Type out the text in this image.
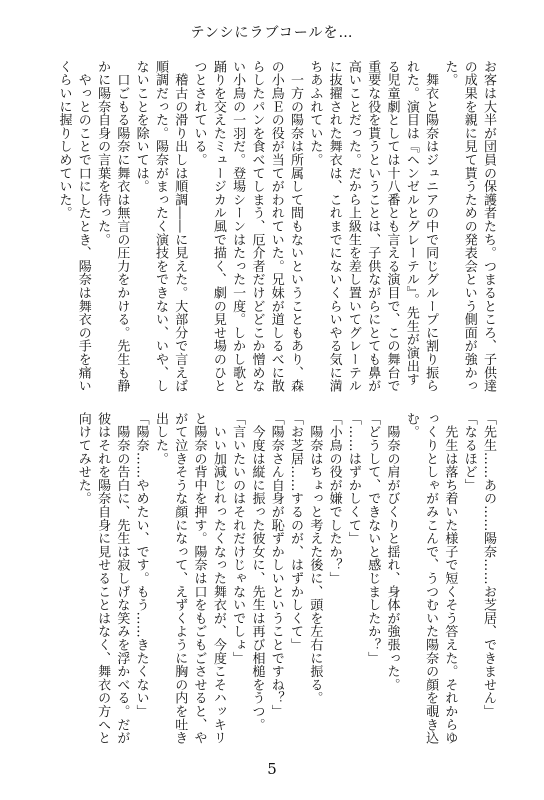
テンシにラブコールを…

お客は大半が団員の保護者たち。つまるところ、子供達の成果を親に見て貰うための発表会という側面が強かった。
　舞衣と陽奈はジュニアの中で同じグループに割り振られた。演目は『ヘンゼルとグレーテル』。先生が演出する児童劇としては十八番とも言える演目で、この舞台で重要な役を貰うということは、子供ながらにとても鼻が高いことだった。だから上級生を差し置いてグレーテルに抜擢された舞衣は、これまでにないくらいやる気に満ちあふれていた。
　一方の陽奈は所属して間もないということもあり、森の小鳥Ｅの役が当てがわれていた。兄妹が道しるべに散らしたパンを食べてしまう、厄介者だけどどこか憎めない小鳥の一羽だ。登場シーンはたった一度。しかし歌と踊りを交えたミュージカル風で描く、劇の見せ場のひとつとされている。
　稽古の滑り出しは順調――に見えた。大部分で言えば順調だった。陽奈がまったく演技をできない、いや、しないことを除いては。
　口ごもる陽奈に舞衣は無言の圧力をかける。先生も静かに陽奈自身の言葉を待った。
　やっとのことで口にしたとき、陽奈は舞衣の手を痛いくらいに握りしめていた。

「先生……あの……陽奈……お芝居、できません」
「なるほど」
　先生は落ち着いた様子で短くそう答えた。それからゆっくりとしゃがみこんで、うつむいた陽奈の顔を覗き込む。
　陽奈の肩がびくりと揺れ、身体が強張った。
「どうして、できないと感じましたか？」
「……はずかしくて」
「小鳥の役が嫌でしたか？」
　陽奈はちょっと考えた後に、頭を左右に振る。
「お芝居……するのが、はずかしくて」
「陽奈さん自身が恥ずかしいということですね？」
　今度は縦に振った彼女に、先生は再び相槌をうつ。
「言いたいのはそれだけじゃないでしょ」
　いい加減じれったくなった舞衣が、今度こそハッキリと陽奈の背中を押す。陽奈は口をもごもごさせると、やがて泣きそうな顔になって、えずくように胸の内を吐き出した。
「陽奈……やめたい、です。もう……きたくない」
　陽奈の告白に、先生は寂しげな笑みを浮かべる。だが彼はそれを陽奈自身に見せることはなく、舞衣の方へと向けてみせた。

5
